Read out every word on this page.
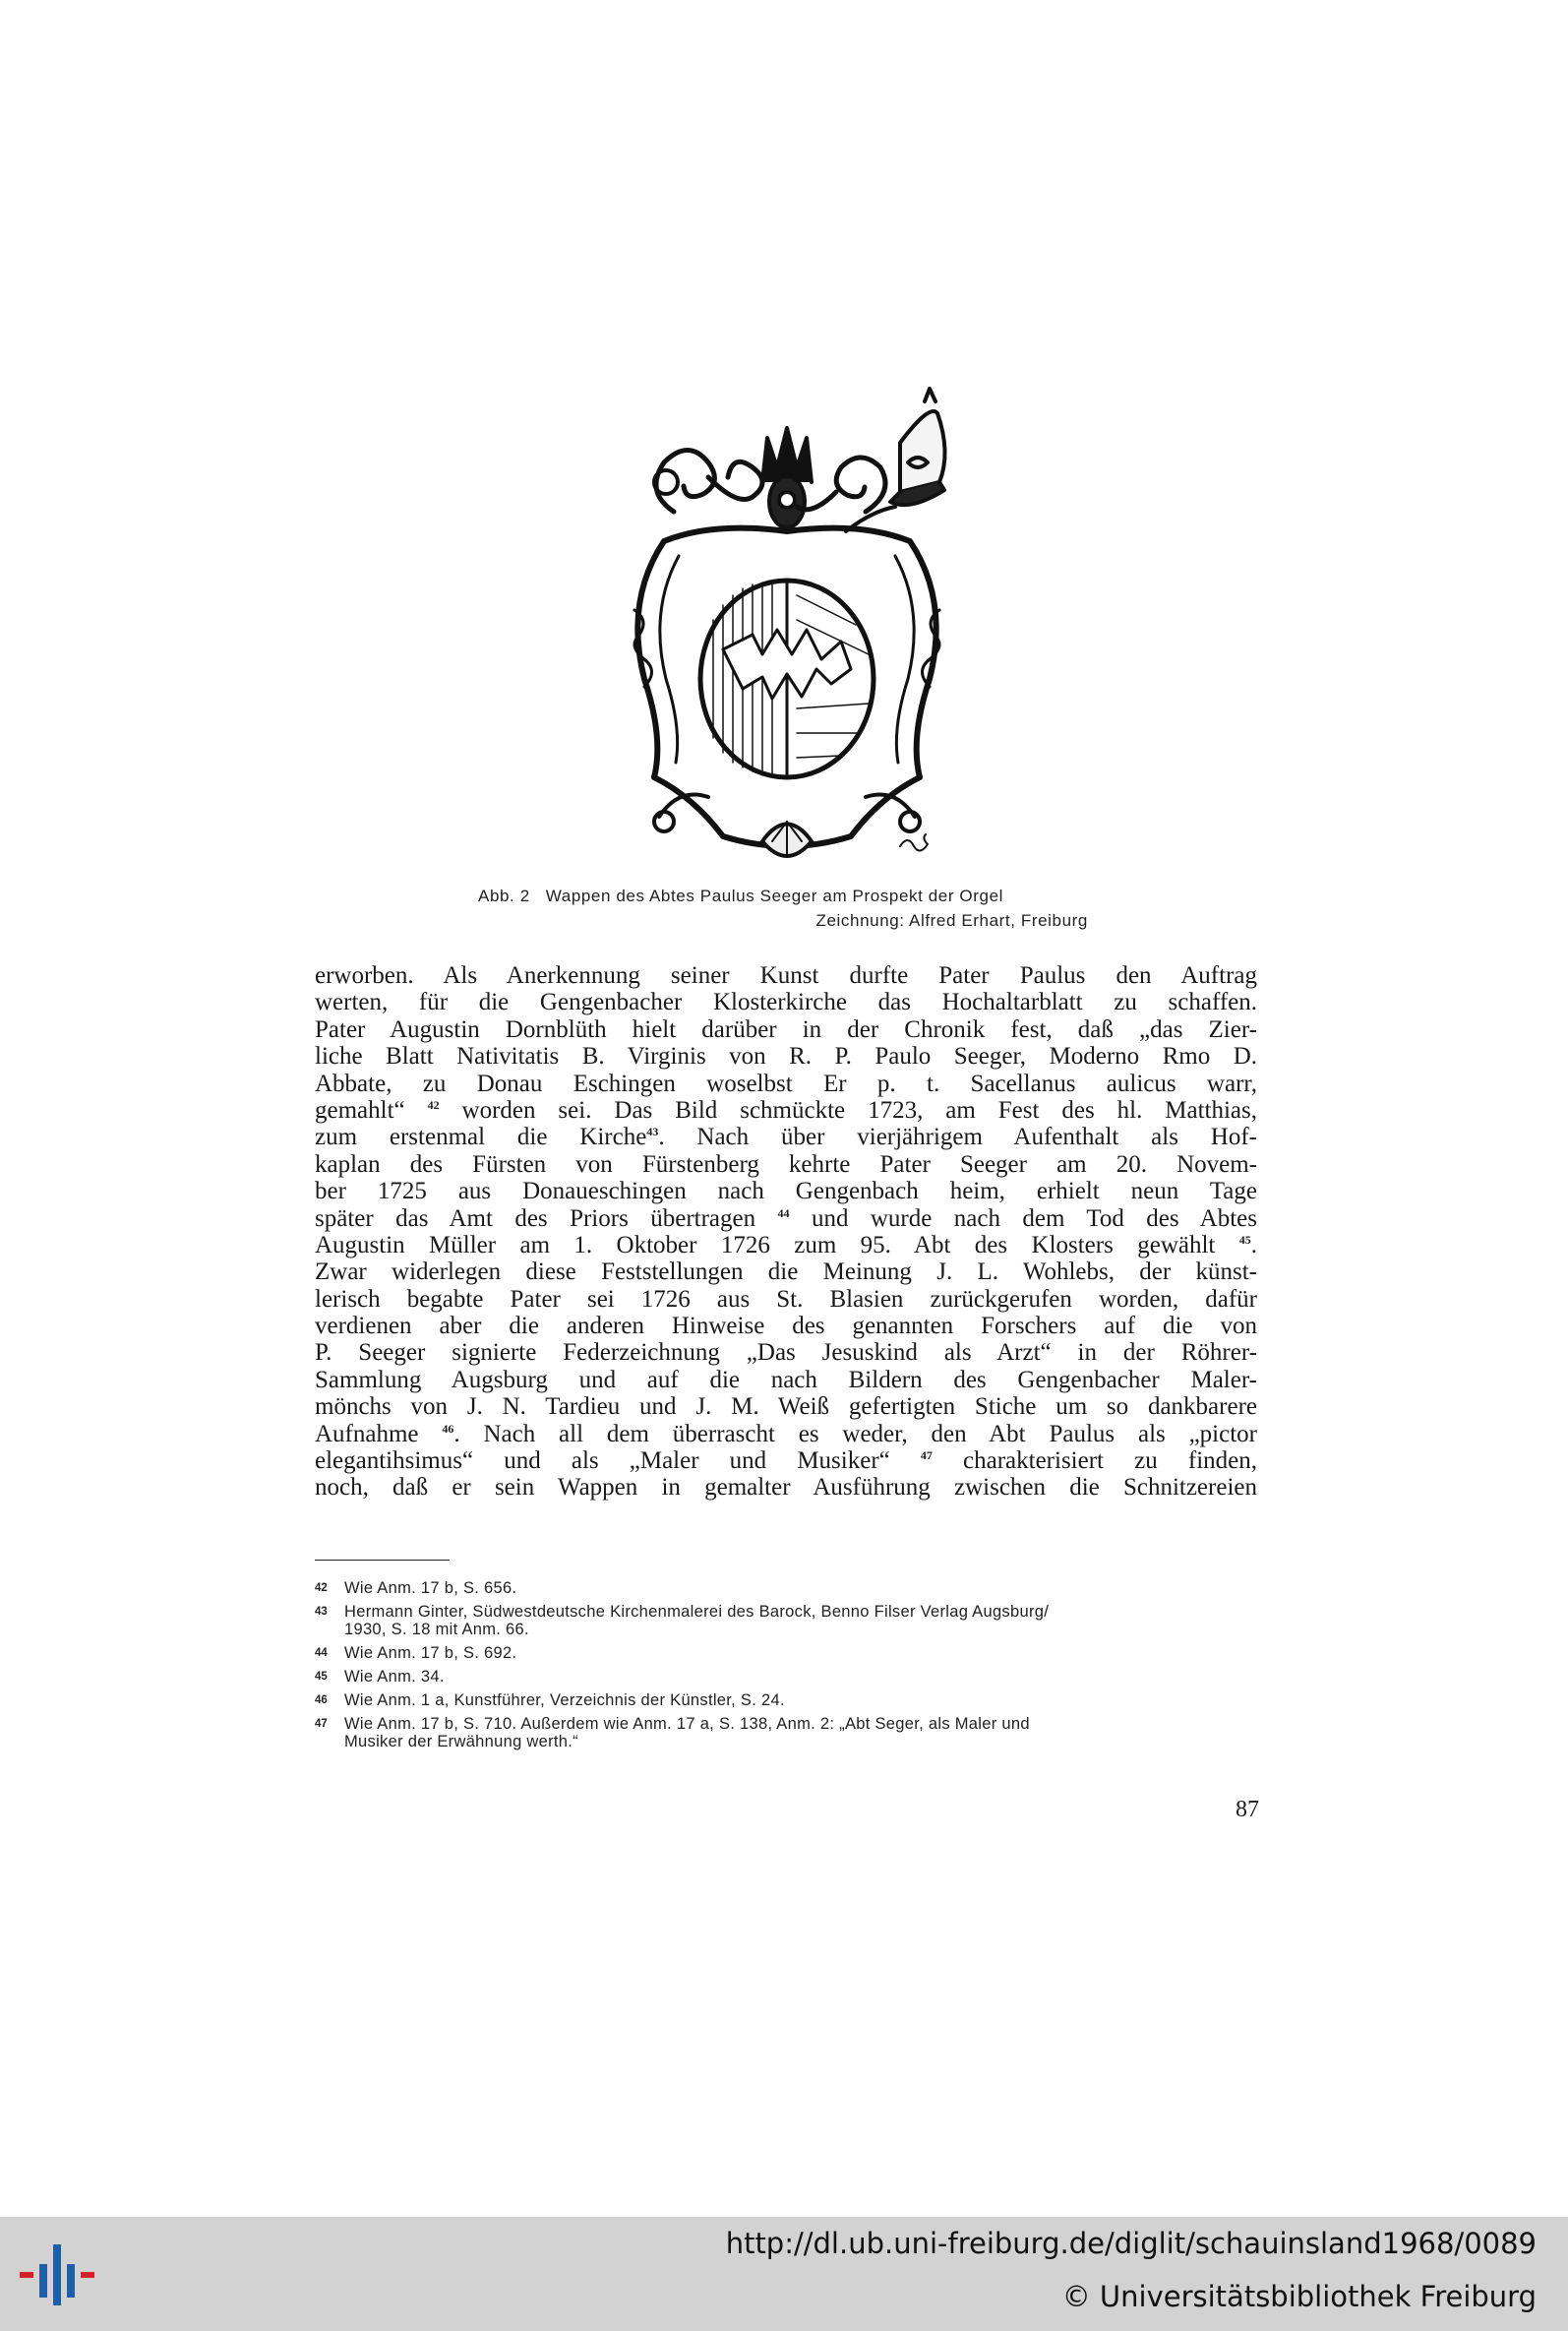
Abb. 2 Wappen des Abtes Paulus Seeger am Prospekt der Orgel
Zeichnung: Alfred Erhart, Freiburg
erworben. Als Anerkennung seiner Kunst durfte Pater Paulus den Auftrag
werten, für die Gengenbacher Klosterkirche das Hochaltarblatt zu schaffen.
Pater Augustin Dornblüth hielt darüber in der Chronik fest, daß „das Zier-
liche Blatt Nativitatis B. Virginis von R. P. Paulo Seeger, Moderno Rmo D.
Abbate, zu Donau Eschingen woselbst Er p. t. Sacellanus aulicus warr,
gemahlt“ $^{42}$ worden sei. Das Bild schmückte 1723, am Fest des hl. Matthias,
zum erstenmal die Kirche$^{43}$. Nach über vierjährigem Aufenthalt als Hof-
kaplan des Fürsten von Fürstenberg kehrte Pater Seeger am 20. Novem-
ber 1725 aus Donaueschingen nach Gengenbach heim, erhielt neun Tage
später das Amt des Priors übertragen $^{44}$ und wurde nach dem Tod des Abtes
Augustin Müller am 1. Oktober 1726 zum 95. Abt des Klosters gewählt $^{45}$.
Zwar widerlegen diese Feststellungen die Meinung J. L. Wohlebs, der künst-
lerisch begabte Pater sei 1726 aus St. Blasien zurückgerufen worden, dafür
verdienen aber die anderen Hinweise des genannten Forschers auf die von
P. Seeger signierte Federzeichnung „Das Jesuskind als Arzt“ in der Röhrer-
Sammlung Augsburg und auf die nach Bildern des Gengenbacher Maler-
mönchs von J. N. Tardieu und J. M. Weiß gefertigten Stiche um so dankbarere
Aufnahme $^{46}$. Nach all dem überrascht es weder, den Abt Paulus als „pictor
elegantihsimus“ und als „Maler und Musiker“ $^{47}$ charakterisiert zu finden,
noch, daß er sein Wappen in gemalter Ausführung zwischen die Schnitzereien
42 Wie Anm. 17 b, S. 656.
43 Hermann Ginter, Südwestdeutsche Kirchenmalerei des Barock, Benno Filser Verlag Augsburg/
1930, S. 18 mit Anm. 66.
44 Wie Anm. 17 b, S. 692.
45 Wie Anm. 34.
46 Wie Anm. 1 a, Kunstführer, Verzeichnis der Künstler, S. 24.
47 Wie Anm. 17 b, S. 710. Außerdem wie Anm. 17 a, S. 138, Anm. 2: „Abt Seger, als Maler und
Musiker der Erwähnung werth.“
87
http://dl.ub.uni-freiburg.de/diglit/schauinsland1968/0089
© Universitätsbibliothek Freiburg
